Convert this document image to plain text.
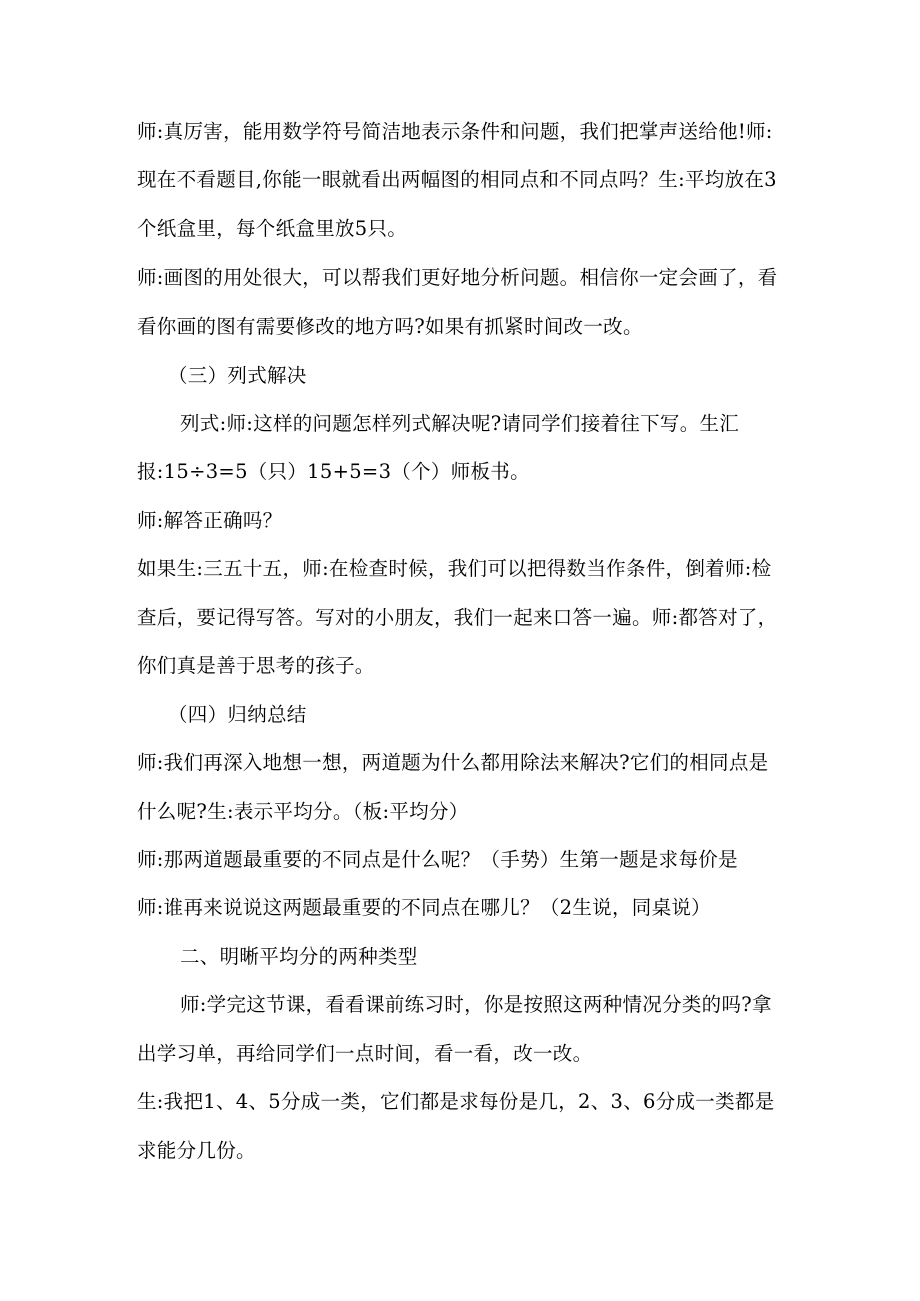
师:真厉害，能用数学符号简洁地表示条件和问题，我们把掌声送给他!师:
现在不看题目,你能一眼就看出两幅图的相同点和不同点吗？生:平均放在3
个纸盒里，每个纸盒里放5只。
师:画图的用处很大，可以帮我们更好地分析问题。相信你一定会画了，看
看你画的图有需要修改的地方吗?如果有抓紧时间改一改。
（三）列式解决
列式:师:这样的问题怎样列式解决呢?请同学们接着往下写。生汇
报:15÷3=5（只）15+5=3（个）师板书。
师:解答正确吗？
如果生:三五十五，师:在检查时候，我们可以把得数当作条件，倒着师:检
查后，要记得写答。写对的小朋友，我们一起来口答一遍。师:都答对了，
你们真是善于思考的孩子。
（四）归纳总结
师:我们再深入地想一想，两道题为什么都用除法来解决?它们的相同点是
什么呢?生:表示平均分。（板:平均分）
师:那两道题最重要的不同点是什么呢？（手势）生第一题是求每价是
师:谁再来说说这两题最重要的不同点在哪儿？（2生说，同桌说）
二、明晰平均分的两种类型
师:学完这节课，看看课前练习时，你是按照这两种情况分类的吗?拿
出学习单，再给同学们一点时间，看一看，改一改。
生:我把1、4、5分成一类，它们都是求每份是几，2、3、6分成一类都是
求能分几份。
